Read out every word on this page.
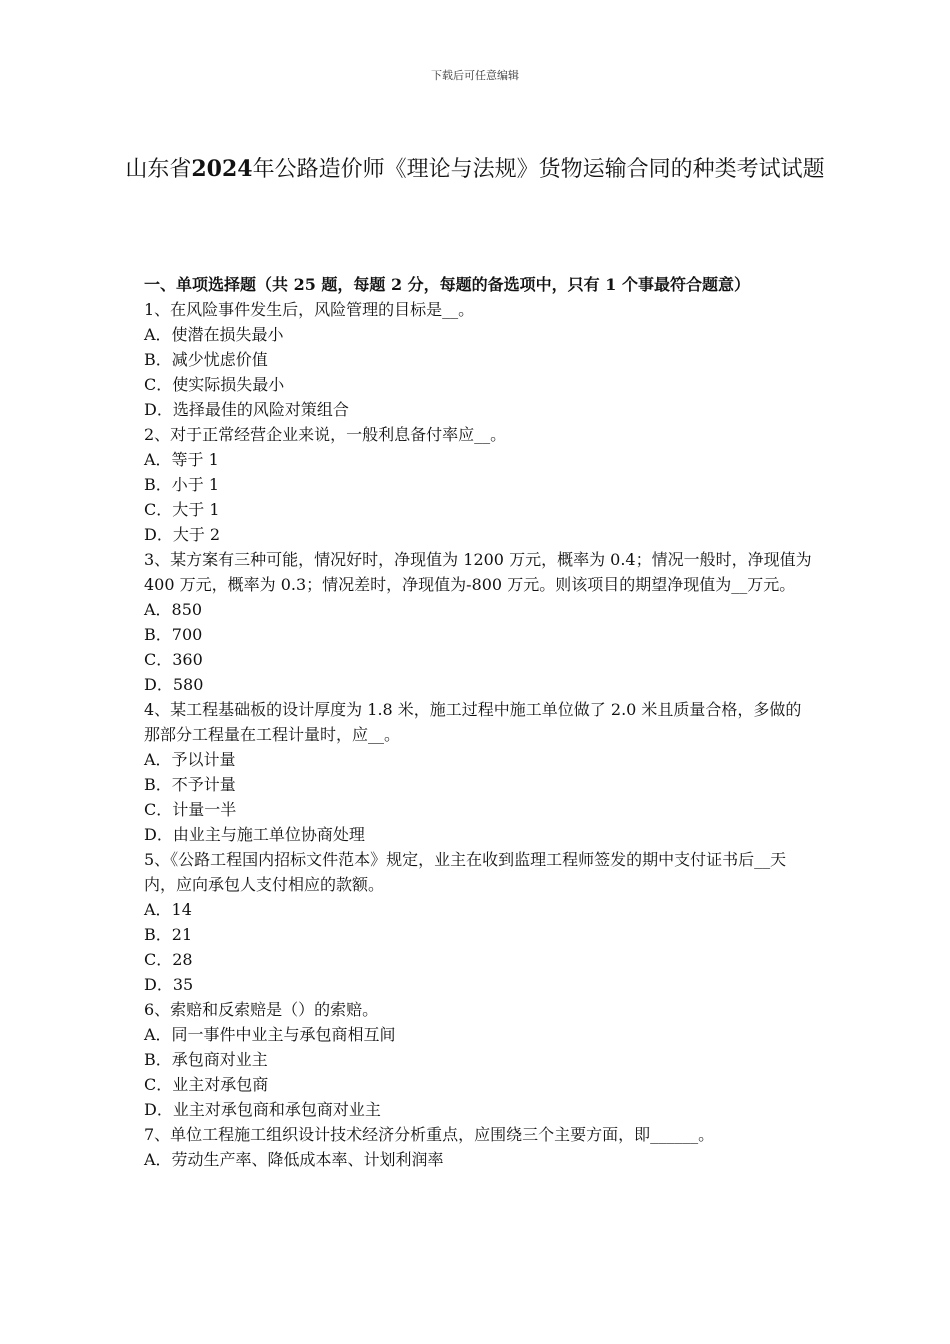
下载后可任意编辑
山东省2024年公路造价师《理论与法规》货物运输合同的种类考试试题

一、单项选择题（共 25 题，每题 2 分，每题的备选项中，只有 1 个事最符合题意）

1、在风险事件发生后，风险管理的目标是__。

A．使潜在损失最小

B．减少忧虑价值

C．使实际损失最小

D．选择最佳的风险对策组合

2、对于正常经营企业来说，一般利息备付率应__。

A．等于 1

B．小于 1

C．大于 1

D．大于 2

3、某方案有三种可能，情况好时，净现值为 1200 万元，概率为 0.4；情况一般时，净现值为 400 万元，概率为 0.3；情况差时，净现值为-800 万元。则该项目的期望净现值为__万元。

A．850

B．700

C．360

D．580

4、某工程基础板的设计厚度为 1.8 米，施工过程中施工单位做了 2.0 米且质量合格，多做的那部分工程量在工程计量时，应__。

A．予以计量

B．不予计量

C．计量一半

D．由业主与施工单位协商处理

5、《公路工程国内招标文件范本》规定，业主在收到监理工程师签发的期中支付证书后__天内，应向承包人支付相应的款额。

A．14

B．21

C．28

D．35

6、索赔和反索赔是（）的索赔。

A．同一事件中业主与承包商相互间

B．承包商对业主

C．业主对承包商

D．业主对承包商和承包商对业主

7、单位工程施工组织设计技术经济分析重点，应围绕三个主要方面，即______。

A．劳动生产率、降低成本率、计划利润率
